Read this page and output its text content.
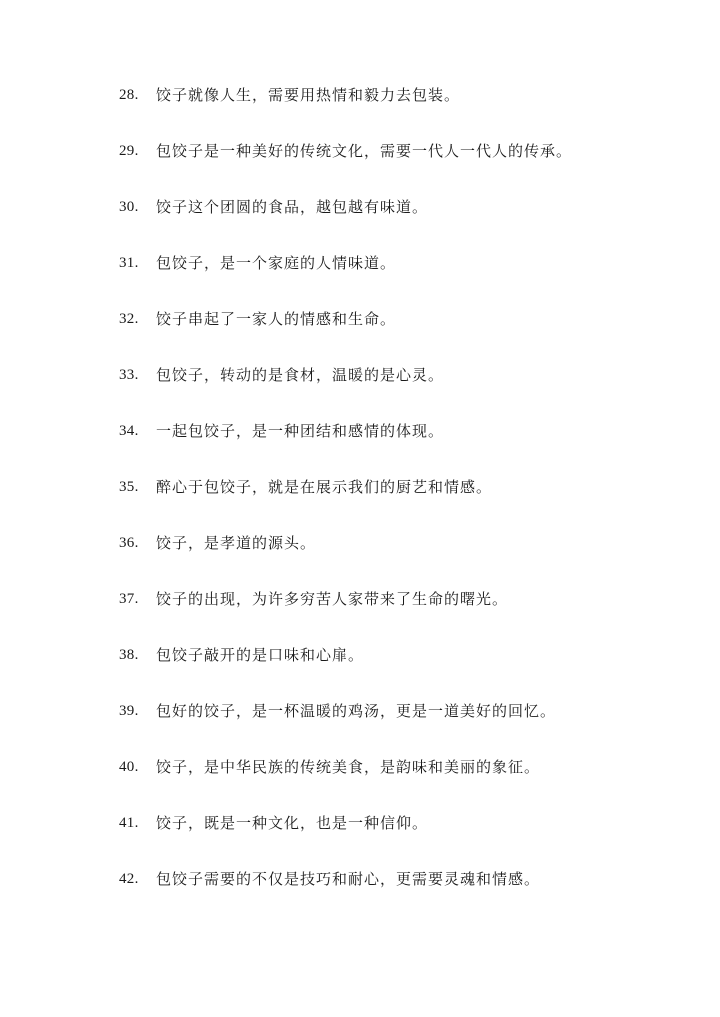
28.	饺子就像人生，需要用热情和毅力去包装。
29.	包饺子是一种美好的传统文化，需要一代人一代人的传承。
30.	饺子这个团圆的食品，越包越有味道。
31.	包饺子，是一个家庭的人情味道。
32.	饺子串起了一家人的情感和生命。
33.	包饺子，转动的是食材，温暖的是心灵。
34.	一起包饺子，是一种团结和感情的体现。
35.	醉心于包饺子，就是在展示我们的厨艺和情感。
36.	饺子，是孝道的源头。
37.	饺子的出现，为许多穷苦人家带来了生命的曙光。
38.	包饺子敲开的是口味和心扉。
39.	包好的饺子，是一杯温暖的鸡汤，更是一道美好的回忆。
40.	饺子，是中华民族的传统美食，是韵味和美丽的象征。
41.	饺子，既是一种文化，也是一种信仰。
42.	包饺子需要的不仅是技巧和耐心，更需要灵魂和情感。
